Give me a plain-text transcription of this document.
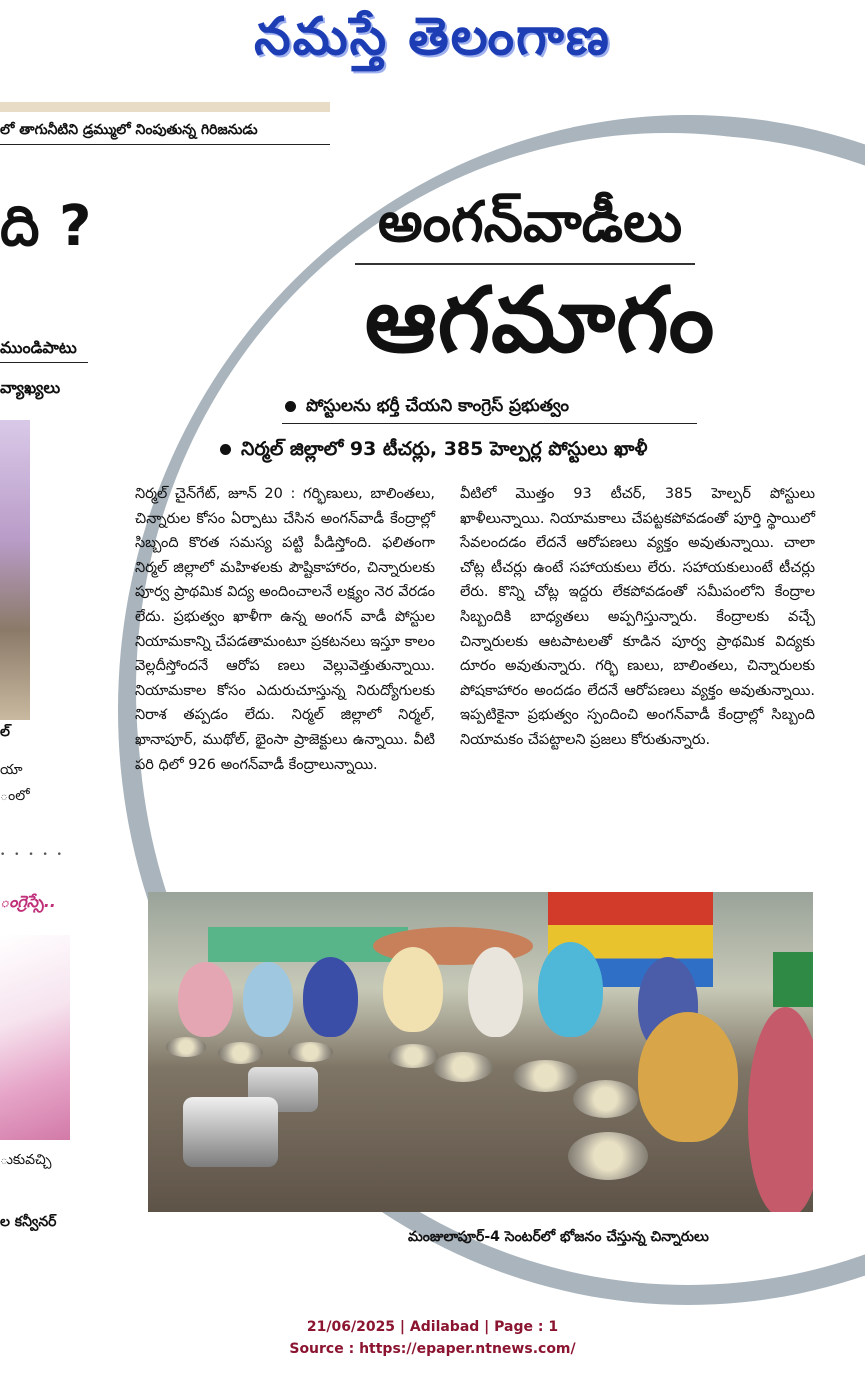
నమస్తే తెలంగాణ
లో తాగునీటిని డ్రమ్ములో నింపుతున్న గిరిజనుడు
ది ?
ముండిపాటు
వ్యాఖ్యలు
ల్
యా
ంలో
• • • • •
ంగ్రెస్సే..
ుకువచ్చి
ల కన్వీనర్
అంగన్‌వాడీలు
ఆగమాగం
పోస్టులను భర్తీ చేయని కాంగ్రెస్ ప్రభుత్వం
నిర్మల్ జిల్లాలో 93 టీచర్లు, 385 హెల్పర్ల పోస్టులు ఖాళీ
నిర్మల్ చైన్‌గేట్, జూన్ 20 : గర్భిణులు, బాలింతలు, చిన్నారుల కోసం ఏర్పాటు చేసిన అంగన్‌వాడీ కేంద్రాల్లో సిబ్బంది కొరత సమస్య పట్టి పీడిస్తోంది. ఫలితంగా నిర్మల్ జిల్లాలో మహిళలకు పౌష్టికాహారం, చిన్నారులకు పూర్వ ప్రాథమిక విద్య అందించాలనే లక్ష్యం నెర వేరడం లేదు. ప్రభుత్వం ఖాళీగా ఉన్న అంగన్ వాడీ పోస్టుల నియామకాన్ని చేపడతామంటూ ప్రకటనలు ఇస్తూ కాలం వెల్లదీస్తోందనే ఆరోప ణలు వెల్లువెత్తుతున్నాయి. నియామకాల కోసం ఎదురుచూస్తున్న నిరుద్యోగులకు నిరాశ తప్పడం లేదు. నిర్మల్ జిల్లాలో నిర్మల్, ఖానాపూర్, ముథోల్, భైంసా ప్రాజెక్టులు ఉన్నాయి. వీటి పరి ధిలో 926 అంగన్‌వాడీ కేంద్రాలున్నాయి.
వీటిలో మొత్తం 93 టీచర్, 385 హెల్పర్ పోస్టులు ఖాళీలున్నాయి. నియామకాలు చేపట్టకపోవడంతో పూర్తి స్థాయిలో సేవలందడం లేదనే ఆరోపణలు వ్యక్తం అవుతున్నాయి. చాలా చోట్ల టీచర్లు ఉంటే సహాయకులు లేరు. సహాయకులుంటే టీచర్లు లేరు. కొన్ని చోట్ల ఇద్దరు లేకపోవడంతో సమీపంలోని కేంద్రాల సిబ్బందికి బాధ్యతలు అప్పగిస్తున్నారు. కేంద్రాలకు వచ్చే చిన్నారులకు ఆటపాటలతో కూడిన పూర్వ ప్రాథమిక విద్యకు దూరం అవుతున్నారు. గర్భి ణులు, బాలింతలు, చిన్నారులకు పోషకాహారం అందడం లేదనే ఆరోపణలు వ్యక్తం అవుతున్నాయి. ఇప్పటికైనా ప్రభుత్వం స్పందించి అంగన్‌వాడీ కేంద్రాల్లో సిబ్బంది నియామకం చేపట్టాలని ప్రజలు కోరుతున్నారు.
మంజులాపూర్-4 సెంటర్‌లో భోజనం చేస్తున్న చిన్నారులు
21/06/2025 | Adilabad | Page : 1
Source : https://epaper.ntnews.com/
